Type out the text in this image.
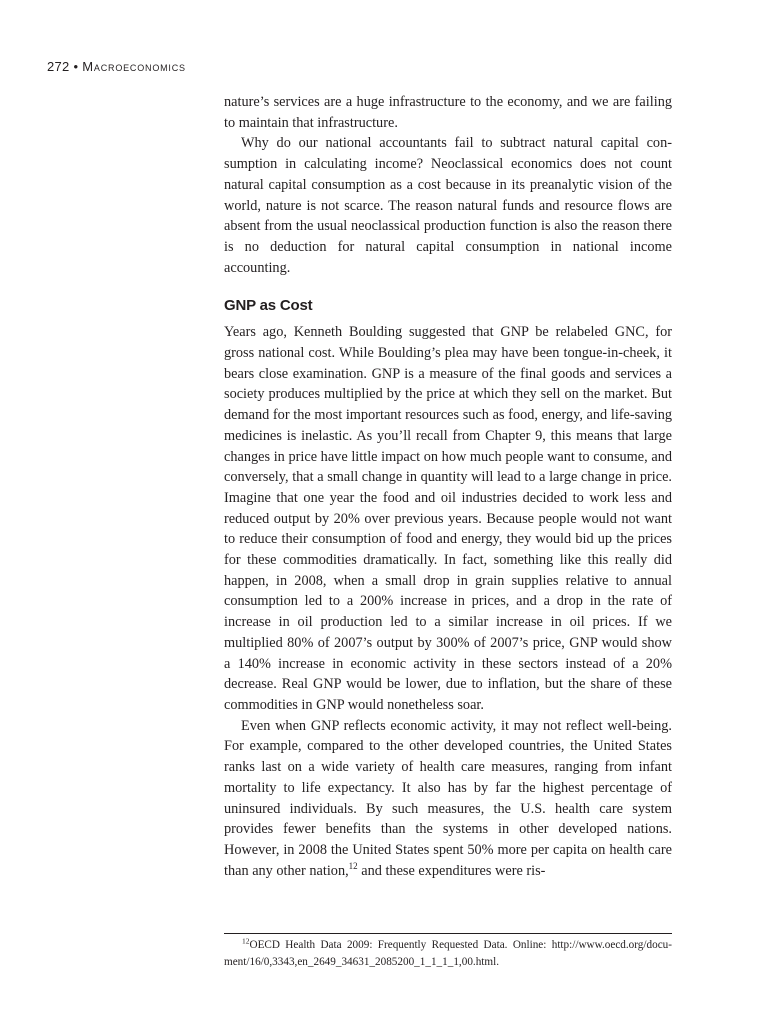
272 • Macroeconomics

nature’s services are a huge infrastructure to the economy, and we are failing to maintain that infrastructure.

Why do our national accountants fail to subtract natural capital consumption in calculating income? Neoclassical economics does not count natural capital consumption as a cost because in its preanalytic vision of the world, nature is not scarce. The reason natural funds and resource flows are absent from the usual neoclassical production function is also the reason there is no deduction for natural capital consumption in national income accounting.

GNP as Cost

Years ago, Kenneth Boulding suggested that GNP be relabeled GNC, for gross national cost. While Boulding’s plea may have been tongue-in-cheek, it bears close examination. GNP is a measure of the final goods and services a society produces multiplied by the price at which they sell on the market. But demand for the most important resources such as food, energy, and life-saving medicines is inelastic. As you’ll recall from Chapter 9, this means that large changes in price have little impact on how much people want to consume, and conversely, that a small change in quantity will lead to a large change in price. Imagine that one year the food and oil industries decided to work less and reduced output by 20% over previous years. Because people would not want to reduce their consumption of food and energy, they would bid up the prices for these commodities dramatically. In fact, something like this really did happen, in 2008, when a small drop in grain supplies relative to annual consumption led to a 200% increase in prices, and a drop in the rate of increase in oil production led to a similar increase in oil prices. If we multiplied 80% of 2007’s output by 300% of 2007’s price, GNP would show a 140% increase in economic activity in these sectors instead of a 20% decrease. Real GNP would be lower, due to inflation, but the share of these commodities in GNP would nonetheless soar.

Even when GNP reflects economic activity, it may not reflect well-being. For example, compared to the other developed countries, the United States ranks last on a wide variety of health care measures, ranging from infant mortality to life expectancy. It also has by far the highest percentage of uninsured individuals. By such measures, the U.S. health care system provides fewer benefits than the systems in other developed nations. However, in 2008 the United States spent 50% more per capita on health care than any other nation,$^{12}$ and these expenditures were ris-

$^{12}$OECD Health Data 2009: Frequently Requested Data. Online: http://www.oecd.org/document/16/0,3343,en_2649_34631_2085200_1_1_1_1,00.html.
